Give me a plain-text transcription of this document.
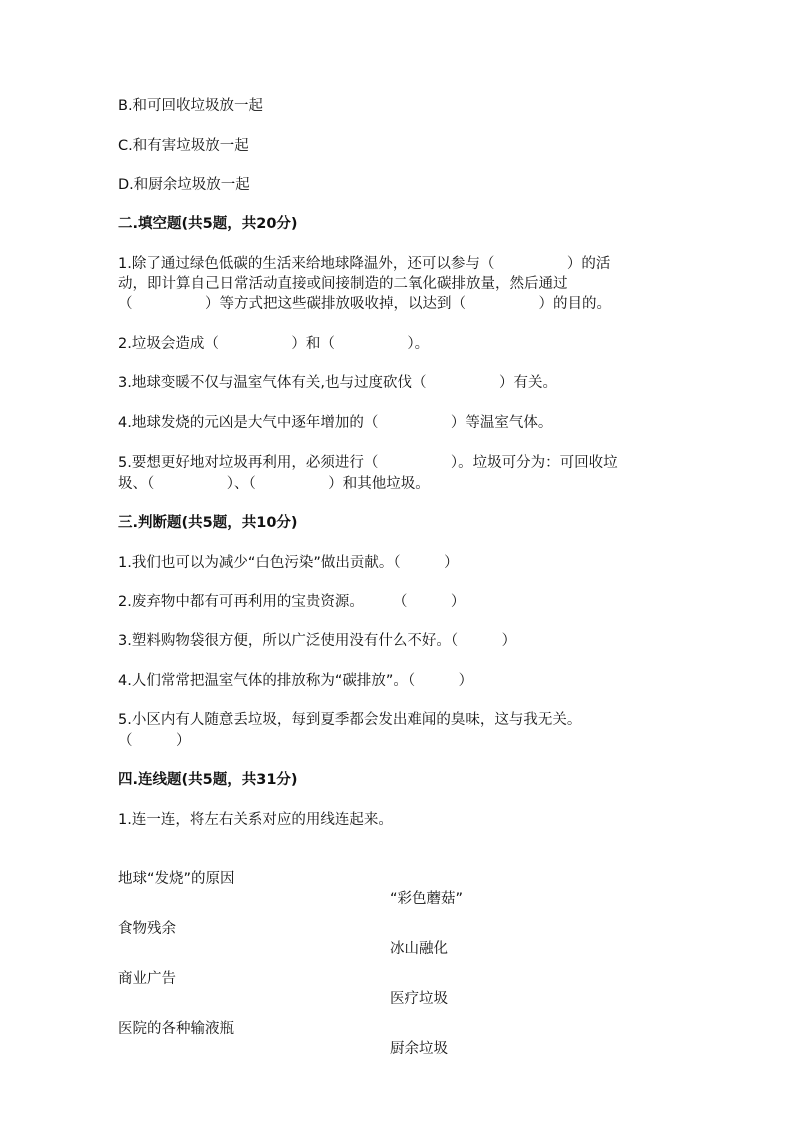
B.和可回收垃圾放一起
C.和有害垃圾放一起
D.和厨余垃圾放一起
二.填空题(共5题，共20分)
1.除了通过绿色低碳的生活来给地球降温外，还可以参与（　　　　　）的活
动，即计算自己日常活动直接或间接制造的二氧化碳排放量，然后通过
（　　　　　）等方式把这些碳排放吸收掉，以达到（　　　　　）的目的。
2.垃圾会造成（　　　　　）和（　　　　　）。
3.地球变暖不仅与温室气体有关,也与过度砍伐（　　　　　）有关。
4.地球发烧的元凶是大气中逐年增加的（　　　　　）等温室气体。
5.要想更好地对垃圾再利用，必须进行（　　　　　）。垃圾可分为：可回收垃
圾、（　　　　　）、（　　　　　）和其他垃圾。
三.判断题(共5题，共10分)
1.我们也可以为减少“白色污染”做出贡献。（　　　）
2.废弃物中都有可再利用的宝贵资源。　　　（　　　）
3.塑料购物袋很方便，所以广泛使用没有什么不好。（　　　）
4.人们常常把温室气体的排放称为“碳排放”。（　　　）
5.小区内有人随意丢垃圾，每到夏季都会发出难闻的臭味，这与我无关。
（　　　）
四.连线题(共5题，共31分)
1.连一连，将左右关系对应的用线连起来。

地球“发烧”的原因

“彩色蘑菇”

食物残余

冰山融化

商业广告

医疗垃圾

医院的各种输液瓶

厨余垃圾
